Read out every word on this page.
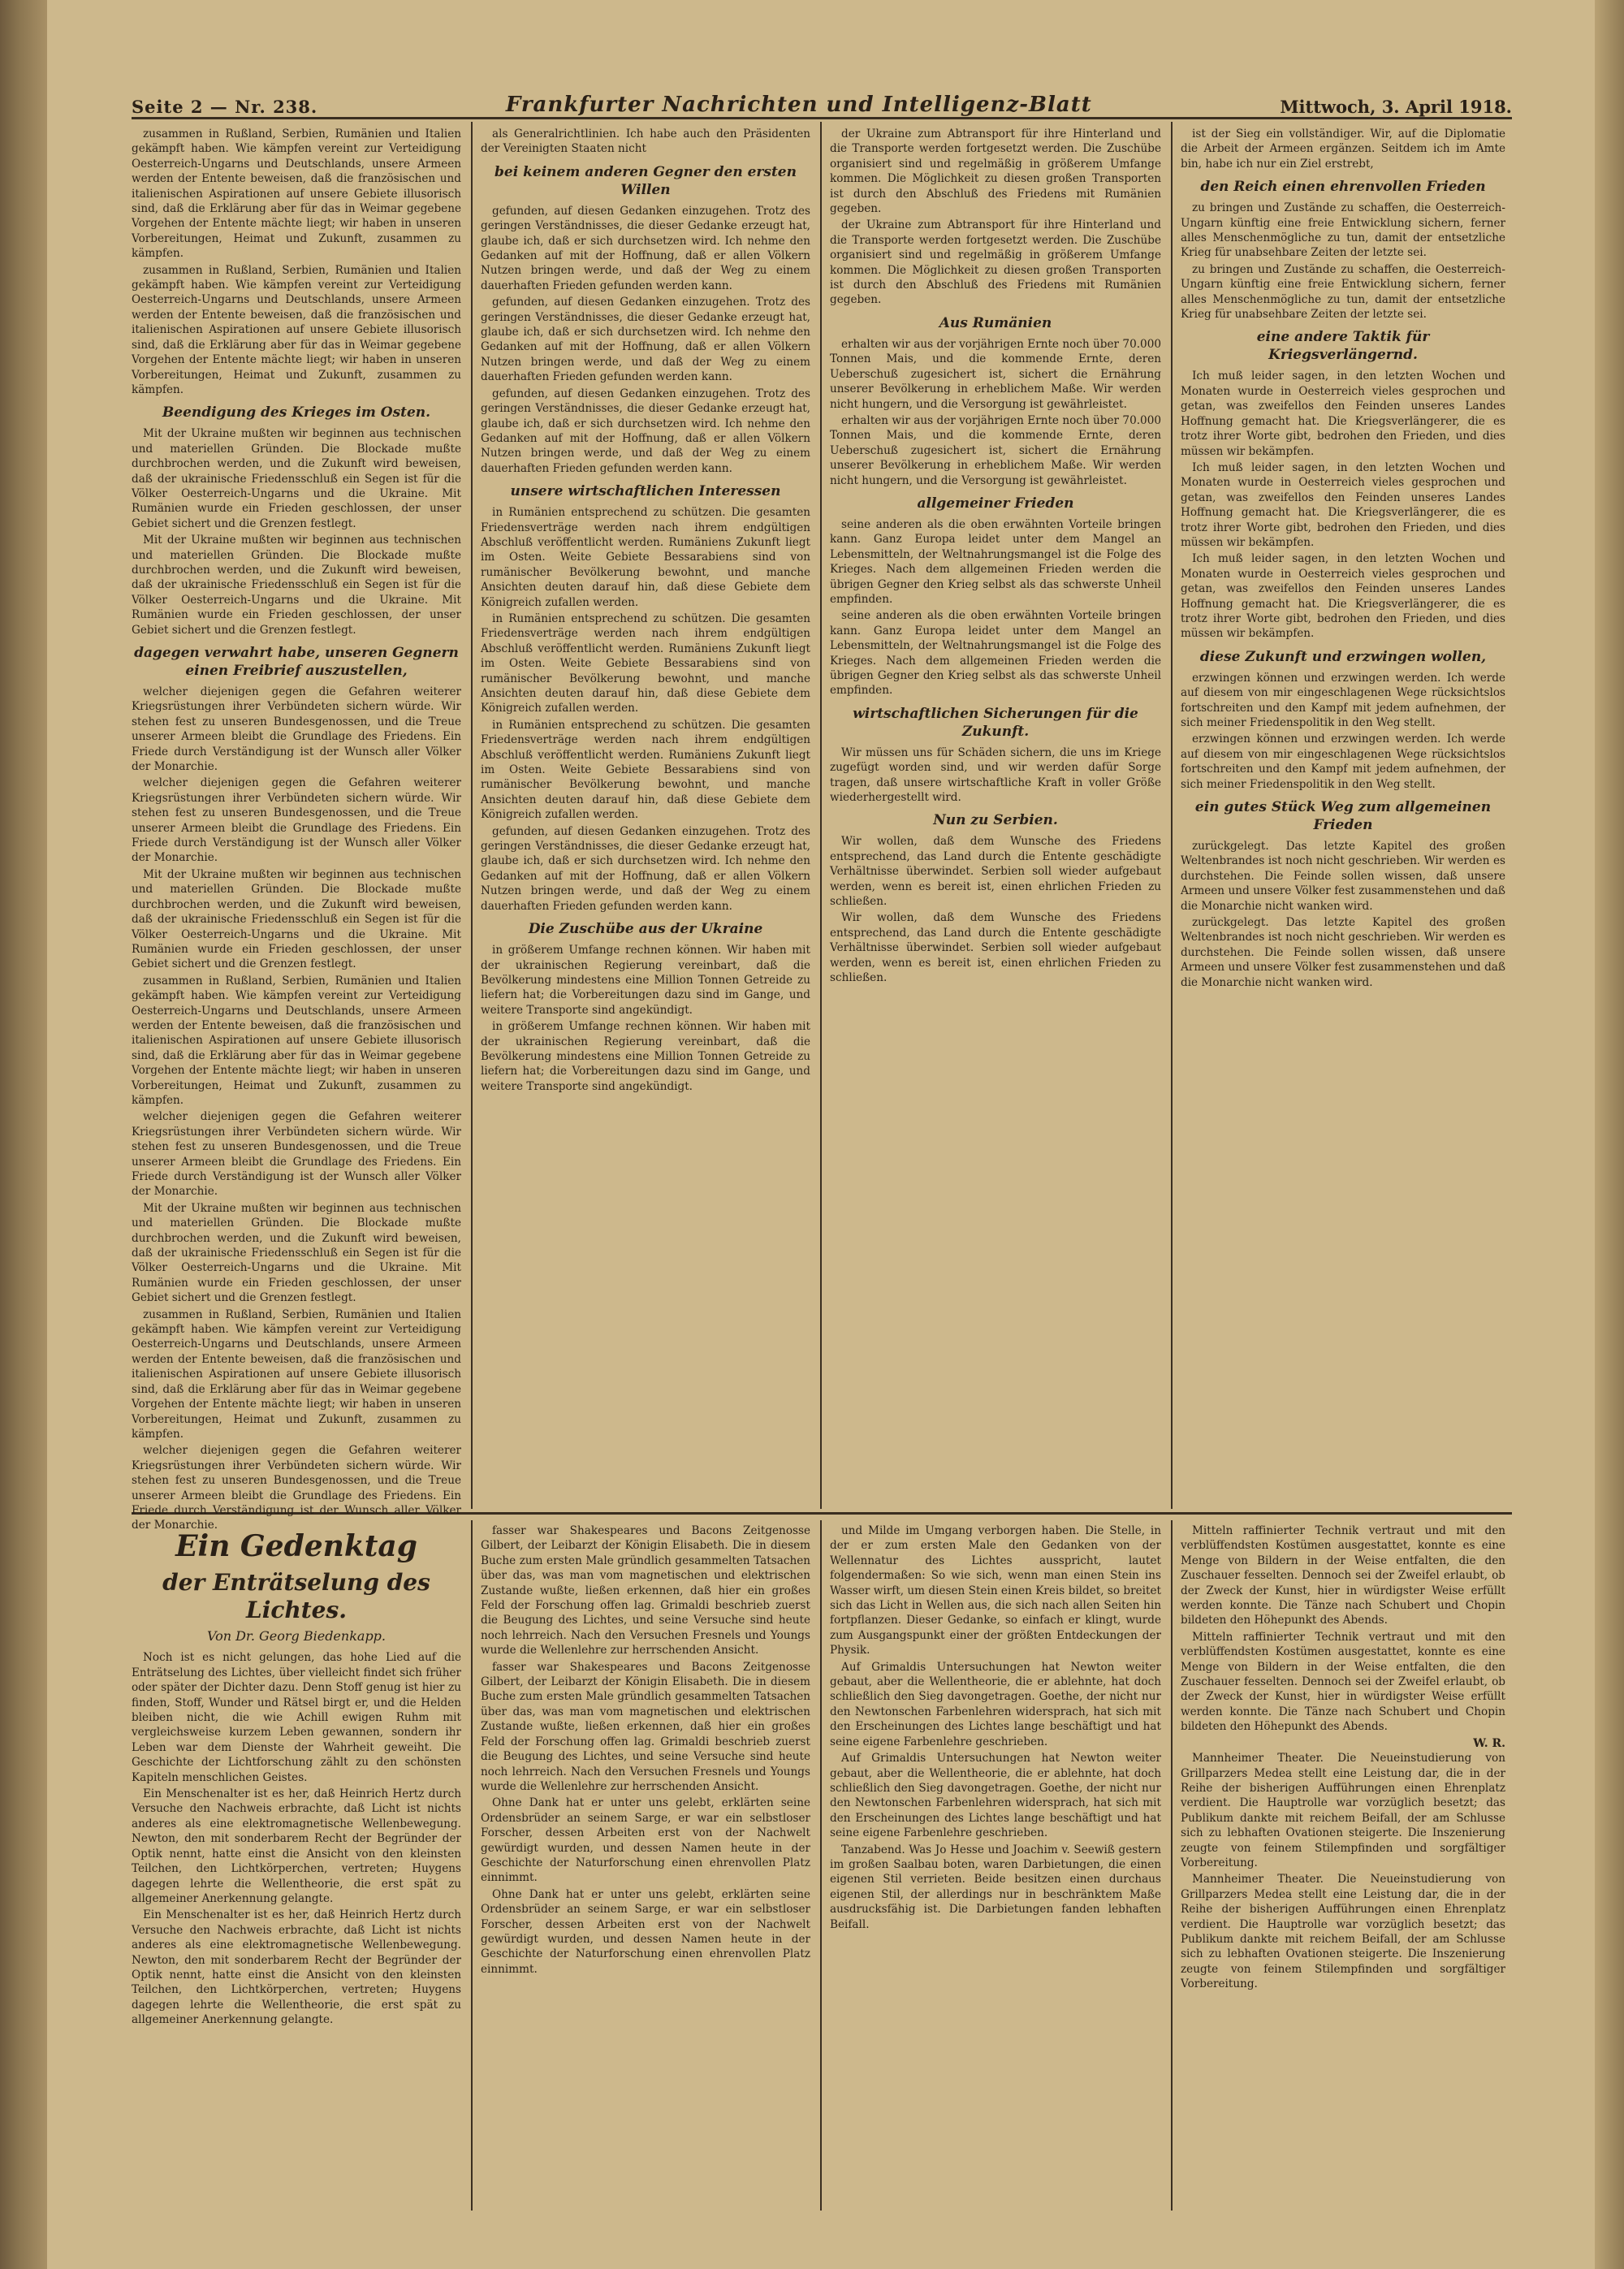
Seite 2 — Nr. 238.	Frankfurter Nachrichten und Intelligenz-Blatt	Mittwoch, 3. April 1918.

zusammen in Rußland, Serbien, Rumänien und Italien gekämpft haben. Wie kämpfen vereint zur Verteidigung Oesterreich-Ungarns und Deutschlands, unsere Armeen werden der Entente beweisen, daß die französischen und italienischen Aspirationen auf unsere Gebiete illusorisch sind, daß die Erklärung aber für das in Weimar gegebene Vorgehen der Entente mächte liegt; wir haben in unseren Vorbereitungen, Heimat und Zukunft, zusammen zu kämpfen.

zusammen in Rußland, Serbien, Rumänien und Italien gekämpft haben. Wie kämpfen vereint zur Verteidigung Oesterreich-Ungarns und Deutschlands, unsere Armeen werden der Entente beweisen, daß die französischen und italienischen Aspirationen auf unsere Gebiete illusorisch sind, daß die Erklärung aber für das in Weimar gegebene Vorgehen der Entente mächte liegt; wir haben in unseren Vorbereitungen, Heimat und Zukunft, zusammen zu kämpfen.

Beendigung des Krieges im Osten.

Mit der Ukraine mußten wir beginnen aus technischen und materiellen Gründen. Die Blockade mußte durchbrochen werden, und die Zukunft wird beweisen, daß der ukrainische Friedensschluß ein Segen ist für die Völker Oesterreich-Ungarns und die Ukraine. Mit Rumänien wurde ein Frieden geschlossen, der unser Gebiet sichert und die Grenzen festlegt.

Mit der Ukraine mußten wir beginnen aus technischen und materiellen Gründen. Die Blockade mußte durchbrochen werden, und die Zukunft wird beweisen, daß der ukrainische Friedensschluß ein Segen ist für die Völker Oesterreich-Ungarns und die Ukraine. Mit Rumänien wurde ein Frieden geschlossen, der unser Gebiet sichert und die Grenzen festlegt.

dagegen verwahrt habe, unseren Gegnern einen Freibrief auszustellen,

welcher diejenigen gegen die Gefahren weiterer Kriegsrüstungen ihrer Verbündeten sichern würde. Wir stehen fest zu unseren Bundesgenossen, und die Treue unserer Armeen bleibt die Grundlage des Friedens. Ein Friede durch Verständigung ist der Wunsch aller Völker der Monarchie.

welcher diejenigen gegen die Gefahren weiterer Kriegsrüstungen ihrer Verbündeten sichern würde. Wir stehen fest zu unseren Bundesgenossen, und die Treue unserer Armeen bleibt die Grundlage des Friedens. Ein Friede durch Verständigung ist der Wunsch aller Völker der Monarchie.

Mit der Ukraine mußten wir beginnen aus technischen und materiellen Gründen. Die Blockade mußte durchbrochen werden, und die Zukunft wird beweisen, daß der ukrainische Friedensschluß ein Segen ist für die Völker Oesterreich-Ungarns und die Ukraine. Mit Rumänien wurde ein Frieden geschlossen, der unser Gebiet sichert und die Grenzen festlegt.

zusammen in Rußland, Serbien, Rumänien und Italien gekämpft haben. Wie kämpfen vereint zur Verteidigung Oesterreich-Ungarns und Deutschlands, unsere Armeen werden der Entente beweisen, daß die französischen und italienischen Aspirationen auf unsere Gebiete illusorisch sind, daß die Erklärung aber für das in Weimar gegebene Vorgehen der Entente mächte liegt; wir haben in unseren Vorbereitungen, Heimat und Zukunft, zusammen zu kämpfen.

welcher diejenigen gegen die Gefahren weiterer Kriegsrüstungen ihrer Verbündeten sichern würde. Wir stehen fest zu unseren Bundesgenossen, und die Treue unserer Armeen bleibt die Grundlage des Friedens. Ein Friede durch Verständigung ist der Wunsch aller Völker der Monarchie.

Mit der Ukraine mußten wir beginnen aus technischen und materiellen Gründen. Die Blockade mußte durchbrochen werden, und die Zukunft wird beweisen, daß der ukrainische Friedensschluß ein Segen ist für die Völker Oesterreich-Ungarns und die Ukraine. Mit Rumänien wurde ein Frieden geschlossen, der unser Gebiet sichert und die Grenzen festlegt.

zusammen in Rußland, Serbien, Rumänien und Italien gekämpft haben. Wie kämpfen vereint zur Verteidigung Oesterreich-Ungarns und Deutschlands, unsere Armeen werden der Entente beweisen, daß die französischen und italienischen Aspirationen auf unsere Gebiete illusorisch sind, daß die Erklärung aber für das in Weimar gegebene Vorgehen der Entente mächte liegt; wir haben in unseren Vorbereitungen, Heimat und Zukunft, zusammen zu kämpfen.

welcher diejenigen gegen die Gefahren weiterer Kriegsrüstungen ihrer Verbündeten sichern würde. Wir stehen fest zu unseren Bundesgenossen, und die Treue unserer Armeen bleibt die Grundlage des Friedens. Ein Friede durch Verständigung ist der Wunsch aller Völker der Monarchie.

als Generalrichtlinien. Ich habe auch den Präsidenten der Vereinigten Staaten nicht

bei keinem anderen Gegner den ersten Willen

gefunden, auf diesen Gedanken einzugehen. Trotz des geringen Verständnisses, die dieser Gedanke erzeugt hat, glaube ich, daß er sich durchsetzen wird. Ich nehme den Gedanken auf mit der Hoffnung, daß er allen Völkern Nutzen bringen werde, und daß der Weg zu einem dauerhaften Frieden gefunden werden kann.

gefunden, auf diesen Gedanken einzugehen. Trotz des geringen Verständnisses, die dieser Gedanke erzeugt hat, glaube ich, daß er sich durchsetzen wird. Ich nehme den Gedanken auf mit der Hoffnung, daß er allen Völkern Nutzen bringen werde, und daß der Weg zu einem dauerhaften Frieden gefunden werden kann.

gefunden, auf diesen Gedanken einzugehen. Trotz des geringen Verständnisses, die dieser Gedanke erzeugt hat, glaube ich, daß er sich durchsetzen wird. Ich nehme den Gedanken auf mit der Hoffnung, daß er allen Völkern Nutzen bringen werde, und daß der Weg zu einem dauerhaften Frieden gefunden werden kann.

unsere wirtschaftlichen Interessen

in Rumänien entsprechend zu schützen. Die gesamten Friedensverträge werden nach ihrem endgültigen Abschluß veröffentlicht werden. Rumäniens Zukunft liegt im Osten. Weite Gebiete Bessarabiens sind von rumänischer Bevölkerung bewohnt, und manche Ansichten deuten darauf hin, daß diese Gebiete dem Königreich zufallen werden.

in Rumänien entsprechend zu schützen. Die gesamten Friedensverträge werden nach ihrem endgültigen Abschluß veröffentlicht werden. Rumäniens Zukunft liegt im Osten. Weite Gebiete Bessarabiens sind von rumänischer Bevölkerung bewohnt, und manche Ansichten deuten darauf hin, daß diese Gebiete dem Königreich zufallen werden.

in Rumänien entsprechend zu schützen. Die gesamten Friedensverträge werden nach ihrem endgültigen Abschluß veröffentlicht werden. Rumäniens Zukunft liegt im Osten. Weite Gebiete Bessarabiens sind von rumänischer Bevölkerung bewohnt, und manche Ansichten deuten darauf hin, daß diese Gebiete dem Königreich zufallen werden.

gefunden, auf diesen Gedanken einzugehen. Trotz des geringen Verständnisses, die dieser Gedanke erzeugt hat, glaube ich, daß er sich durchsetzen wird. Ich nehme den Gedanken auf mit der Hoffnung, daß er allen Völkern Nutzen bringen werde, und daß der Weg zu einem dauerhaften Frieden gefunden werden kann.

Die Zuschübe aus der Ukraine

in größerem Umfange rechnen können. Wir haben mit der ukrainischen Regierung vereinbart, daß die Bevölkerung mindestens eine Million Tonnen Getreide zu liefern hat; die Vorbereitungen dazu sind im Gange, und weitere Transporte sind angekündigt.

in größerem Umfange rechnen können. Wir haben mit der ukrainischen Regierung vereinbart, daß die Bevölkerung mindestens eine Million Tonnen Getreide zu liefern hat; die Vorbereitungen dazu sind im Gange, und weitere Transporte sind angekündigt.

der Ukraine zum Abtransport für ihre Hinterland und die Transporte werden fortgesetzt werden. Die Zuschübe organisiert sind und regelmäßig in größerem Umfange kommen. Die Möglichkeit zu diesen großen Transporten ist durch den Abschluß des Friedens mit Rumänien gegeben.

der Ukraine zum Abtransport für ihre Hinterland und die Transporte werden fortgesetzt werden. Die Zuschübe organisiert sind und regelmäßig in größerem Umfange kommen. Die Möglichkeit zu diesen großen Transporten ist durch den Abschluß des Friedens mit Rumänien gegeben.

Aus Rumänien

erhalten wir aus der vorjährigen Ernte noch über 70.000 Tonnen Mais, und die kommende Ernte, deren Ueberschuß zugesichert ist, sichert die Ernährung unserer Bevölkerung in erheblichem Maße. Wir werden nicht hungern, und die Versorgung ist gewährleistet.

erhalten wir aus der vorjährigen Ernte noch über 70.000 Tonnen Mais, und die kommende Ernte, deren Ueberschuß zugesichert ist, sichert die Ernährung unserer Bevölkerung in erheblichem Maße. Wir werden nicht hungern, und die Versorgung ist gewährleistet.

allgemeiner Frieden

seine anderen als die oben erwähnten Vorteile bringen kann. Ganz Europa leidet unter dem Mangel an Lebensmitteln, der Weltnahrungsmangel ist die Folge des Krieges. Nach dem allgemeinen Frieden werden die übrigen Gegner den Krieg selbst als das schwerste Unheil empfinden.

seine anderen als die oben erwähnten Vorteile bringen kann. Ganz Europa leidet unter dem Mangel an Lebensmitteln, der Weltnahrungsmangel ist die Folge des Krieges. Nach dem allgemeinen Frieden werden die übrigen Gegner den Krieg selbst als das schwerste Unheil empfinden.

wirtschaftlichen Sicherungen für die Zukunft.

Wir müssen uns für Schäden sichern, die uns im Kriege zugefügt worden sind, und wir werden dafür Sorge tragen, daß unsere wirtschaftliche Kraft in voller Größe wiederhergestellt wird.

Nun zu Serbien.

Wir wollen, daß dem Wunsche des Friedens entsprechend, das Land durch die Entente geschädigte Verhältnisse überwindet. Serbien soll wieder aufgebaut werden, wenn es bereit ist, einen ehrlichen Frieden zu schließen.

Wir wollen, daß dem Wunsche des Friedens entsprechend, das Land durch die Entente geschädigte Verhältnisse überwindet. Serbien soll wieder aufgebaut werden, wenn es bereit ist, einen ehrlichen Frieden zu schließen.

ist der Sieg ein vollständiger. Wir, auf die Diplomatie die Arbeit der Armeen ergänzen. Seitdem ich im Amte bin, habe ich nur ein Ziel erstrebt,

den Reich einen ehrenvollen Frieden

zu bringen und Zustände zu schaffen, die Oesterreich-Ungarn künftig eine freie Entwicklung sichern, ferner alles Menschenmögliche zu tun, damit der entsetzliche Krieg für unabsehbare Zeiten der letzte sei.

zu bringen und Zustände zu schaffen, die Oesterreich-Ungarn künftig eine freie Entwicklung sichern, ferner alles Menschenmögliche zu tun, damit der entsetzliche Krieg für unabsehbare Zeiten der letzte sei.

eine andere Taktik für Kriegsverlängernd.

Ich muß leider sagen, in den letzten Wochen und Monaten wurde in Oesterreich vieles gesprochen und getan, was zweifellos den Feinden unseres Landes Hoffnung gemacht hat. Die Kriegsverlängerer, die es trotz ihrer Worte gibt, bedrohen den Frieden, und dies müssen wir bekämpfen.

Ich muß leider sagen, in den letzten Wochen und Monaten wurde in Oesterreich vieles gesprochen und getan, was zweifellos den Feinden unseres Landes Hoffnung gemacht hat. Die Kriegsverlängerer, die es trotz ihrer Worte gibt, bedrohen den Frieden, und dies müssen wir bekämpfen.

Ich muß leider sagen, in den letzten Wochen und Monaten wurde in Oesterreich vieles gesprochen und getan, was zweifellos den Feinden unseres Landes Hoffnung gemacht hat. Die Kriegsverlängerer, die es trotz ihrer Worte gibt, bedrohen den Frieden, und dies müssen wir bekämpfen.

diese Zukunft und erzwingen wollen,

erzwingen können und erzwingen werden. Ich werde auf diesem von mir eingeschlagenen Wege rücksichtslos fortschreiten und den Kampf mit jedem aufnehmen, der sich meiner Friedenspolitik in den Weg stellt.

erzwingen können und erzwingen werden. Ich werde auf diesem von mir eingeschlagenen Wege rücksichtslos fortschreiten und den Kampf mit jedem aufnehmen, der sich meiner Friedenspolitik in den Weg stellt.

ein gutes Stück Weg zum allgemeinen Frieden

zurückgelegt. Das letzte Kapitel des großen Weltenbrandes ist noch nicht geschrieben. Wir werden es durchstehen. Die Feinde sollen wissen, daß unsere Armeen und unsere Völker fest zusammenstehen und daß die Monarchie nicht wanken wird.

zurückgelegt. Das letzte Kapitel des großen Weltenbrandes ist noch nicht geschrieben. Wir werden es durchstehen. Die Feinde sollen wissen, daß unsere Armeen und unsere Völker fest zusammenstehen und daß die Monarchie nicht wanken wird.

Ein Gedenktag
der Enträtselung des Lichtes.
Von Dr. Georg Biedenkapp.

Noch ist es nicht gelungen, das hohe Lied auf die Enträtselung des Lichtes, über vielleicht findet sich früher oder später der Dichter dazu. Denn Stoff genug ist hier zu finden, Stoff, Wunder und Rätsel birgt er, und die Helden bleiben nicht, die wie Achill ewigen Ruhm mit vergleichsweise kurzem Leben gewannen, sondern ihr Leben war dem Dienste der Wahrheit geweiht. Die Geschichte der Lichtforschung zählt zu den schönsten Kapiteln menschlichen Geistes.

Ein Menschenalter ist es her, daß Heinrich Hertz durch Versuche den Nachweis erbrachte, daß Licht ist nichts anderes als eine elektromagnetische Wellenbewegung. Newton, den mit sonderbarem Recht der Begründer der Optik nennt, hatte einst die Ansicht von den kleinsten Teilchen, den Lichtkörperchen, vertreten; Huygens dagegen lehrte die Wellentheorie, die erst spät zu allgemeiner Anerkennung gelangte.

Ein Menschenalter ist es her, daß Heinrich Hertz durch Versuche den Nachweis erbrachte, daß Licht ist nichts anderes als eine elektromagnetische Wellenbewegung. Newton, den mit sonderbarem Recht der Begründer der Optik nennt, hatte einst die Ansicht von den kleinsten Teilchen, den Lichtkörperchen, vertreten; Huygens dagegen lehrte die Wellentheorie, die erst spät zu allgemeiner Anerkennung gelangte.

fasser war Shakespeares und Bacons Zeitgenosse Gilbert, der Leibarzt der Königin Elisabeth. Die in diesem Buche zum ersten Male gründlich gesammelten Tatsachen über das, was man vom magnetischen und elektrischen Zustande wußte, ließen erkennen, daß hier ein großes Feld der Forschung offen lag. Grimaldi beschrieb zuerst die Beugung des Lichtes, und seine Versuche sind heute noch lehrreich. Nach den Versuchen Fresnels und Youngs wurde die Wellenlehre zur herrschenden Ansicht.

fasser war Shakespeares und Bacons Zeitgenosse Gilbert, der Leibarzt der Königin Elisabeth. Die in diesem Buche zum ersten Male gründlich gesammelten Tatsachen über das, was man vom magnetischen und elektrischen Zustande wußte, ließen erkennen, daß hier ein großes Feld der Forschung offen lag. Grimaldi beschrieb zuerst die Beugung des Lichtes, und seine Versuche sind heute noch lehrreich. Nach den Versuchen Fresnels und Youngs wurde die Wellenlehre zur herrschenden Ansicht.

Ohne Dank hat er unter uns gelebt, erklärten seine Ordensbrüder an seinem Sarge, er war ein selbstloser Forscher, dessen Arbeiten erst von der Nachwelt gewürdigt wurden, und dessen Namen heute in der Geschichte der Naturforschung einen ehrenvollen Platz einnimmt.

Ohne Dank hat er unter uns gelebt, erklärten seine Ordensbrüder an seinem Sarge, er war ein selbstloser Forscher, dessen Arbeiten erst von der Nachwelt gewürdigt wurden, und dessen Namen heute in der Geschichte der Naturforschung einen ehrenvollen Platz einnimmt.

und Milde im Umgang verborgen haben. Die Stelle, in der er zum ersten Male den Gedanken von der Wellennatur des Lichtes ausspricht, lautet folgendermaßen: So wie sich, wenn man einen Stein ins Wasser wirft, um diesen Stein einen Kreis bildet, so breitet sich das Licht in Wellen aus, die sich nach allen Seiten hin fortpflanzen. Dieser Gedanke, so einfach er klingt, wurde zum Ausgangspunkt einer der größten Entdeckungen der Physik.

Auf Grimaldis Untersuchungen hat Newton weiter gebaut, aber die Wellentheorie, die er ablehnte, hat doch schließlich den Sieg davongetragen. Goethe, der nicht nur den Newtonschen Farbenlehren widersprach, hat sich mit den Erscheinungen des Lichtes lange beschäftigt und hat seine eigene Farbenlehre geschrieben.

Auf Grimaldis Untersuchungen hat Newton weiter gebaut, aber die Wellentheorie, die er ablehnte, hat doch schließlich den Sieg davongetragen. Goethe, der nicht nur den Newtonschen Farbenlehren widersprach, hat sich mit den Erscheinungen des Lichtes lange beschäftigt und hat seine eigene Farbenlehre geschrieben.

Tanzabend. Was Jo Hesse und Joachim v. Seewiß gestern im großen Saalbau boten, waren Darbietungen, die einen eigenen Stil verrieten. Beide besitzen einen durchaus eigenen Stil, der allerdings nur in beschränktem Maße ausdrucksfähig ist. Die Darbietungen fanden lebhaften Beifall.

Mitteln raffinierter Technik vertraut und mit den verblüffendsten Kostümen ausgestattet, konnte es eine Menge von Bildern in der Weise entfalten, die den Zuschauer fesselten. Dennoch sei der Zweifel erlaubt, ob der Zweck der Kunst, hier in würdigster Weise erfüllt werden konnte. Die Tänze nach Schubert und Chopin bildeten den Höhepunkt des Abends.

Mitteln raffinierter Technik vertraut und mit den verblüffendsten Kostümen ausgestattet, konnte es eine Menge von Bildern in der Weise entfalten, die den Zuschauer fesselten. Dennoch sei der Zweifel erlaubt, ob der Zweck der Kunst, hier in würdigster Weise erfüllt werden konnte. Die Tänze nach Schubert und Chopin bildeten den Höhepunkt des Abends.

W. R.

Mannheimer Theater. Die Neueinstudierung von Grillparzers Medea stellt eine Leistung dar, die in der Reihe der bisherigen Aufführungen einen Ehrenplatz verdient. Die Hauptrolle war vorzüglich besetzt; das Publikum dankte mit reichem Beifall, der am Schlusse sich zu lebhaften Ovationen steigerte. Die Inszenierung zeugte von feinem Stilempfinden und sorgfältiger Vorbereitung.

Mannheimer Theater. Die Neueinstudierung von Grillparzers Medea stellt eine Leistung dar, die in der Reihe der bisherigen Aufführungen einen Ehrenplatz verdient. Die Hauptrolle war vorzüglich besetzt; das Publikum dankte mit reichem Beifall, der am Schlusse sich zu lebhaften Ovationen steigerte. Die Inszenierung zeugte von feinem Stilempfinden und sorgfältiger Vorbereitung.
